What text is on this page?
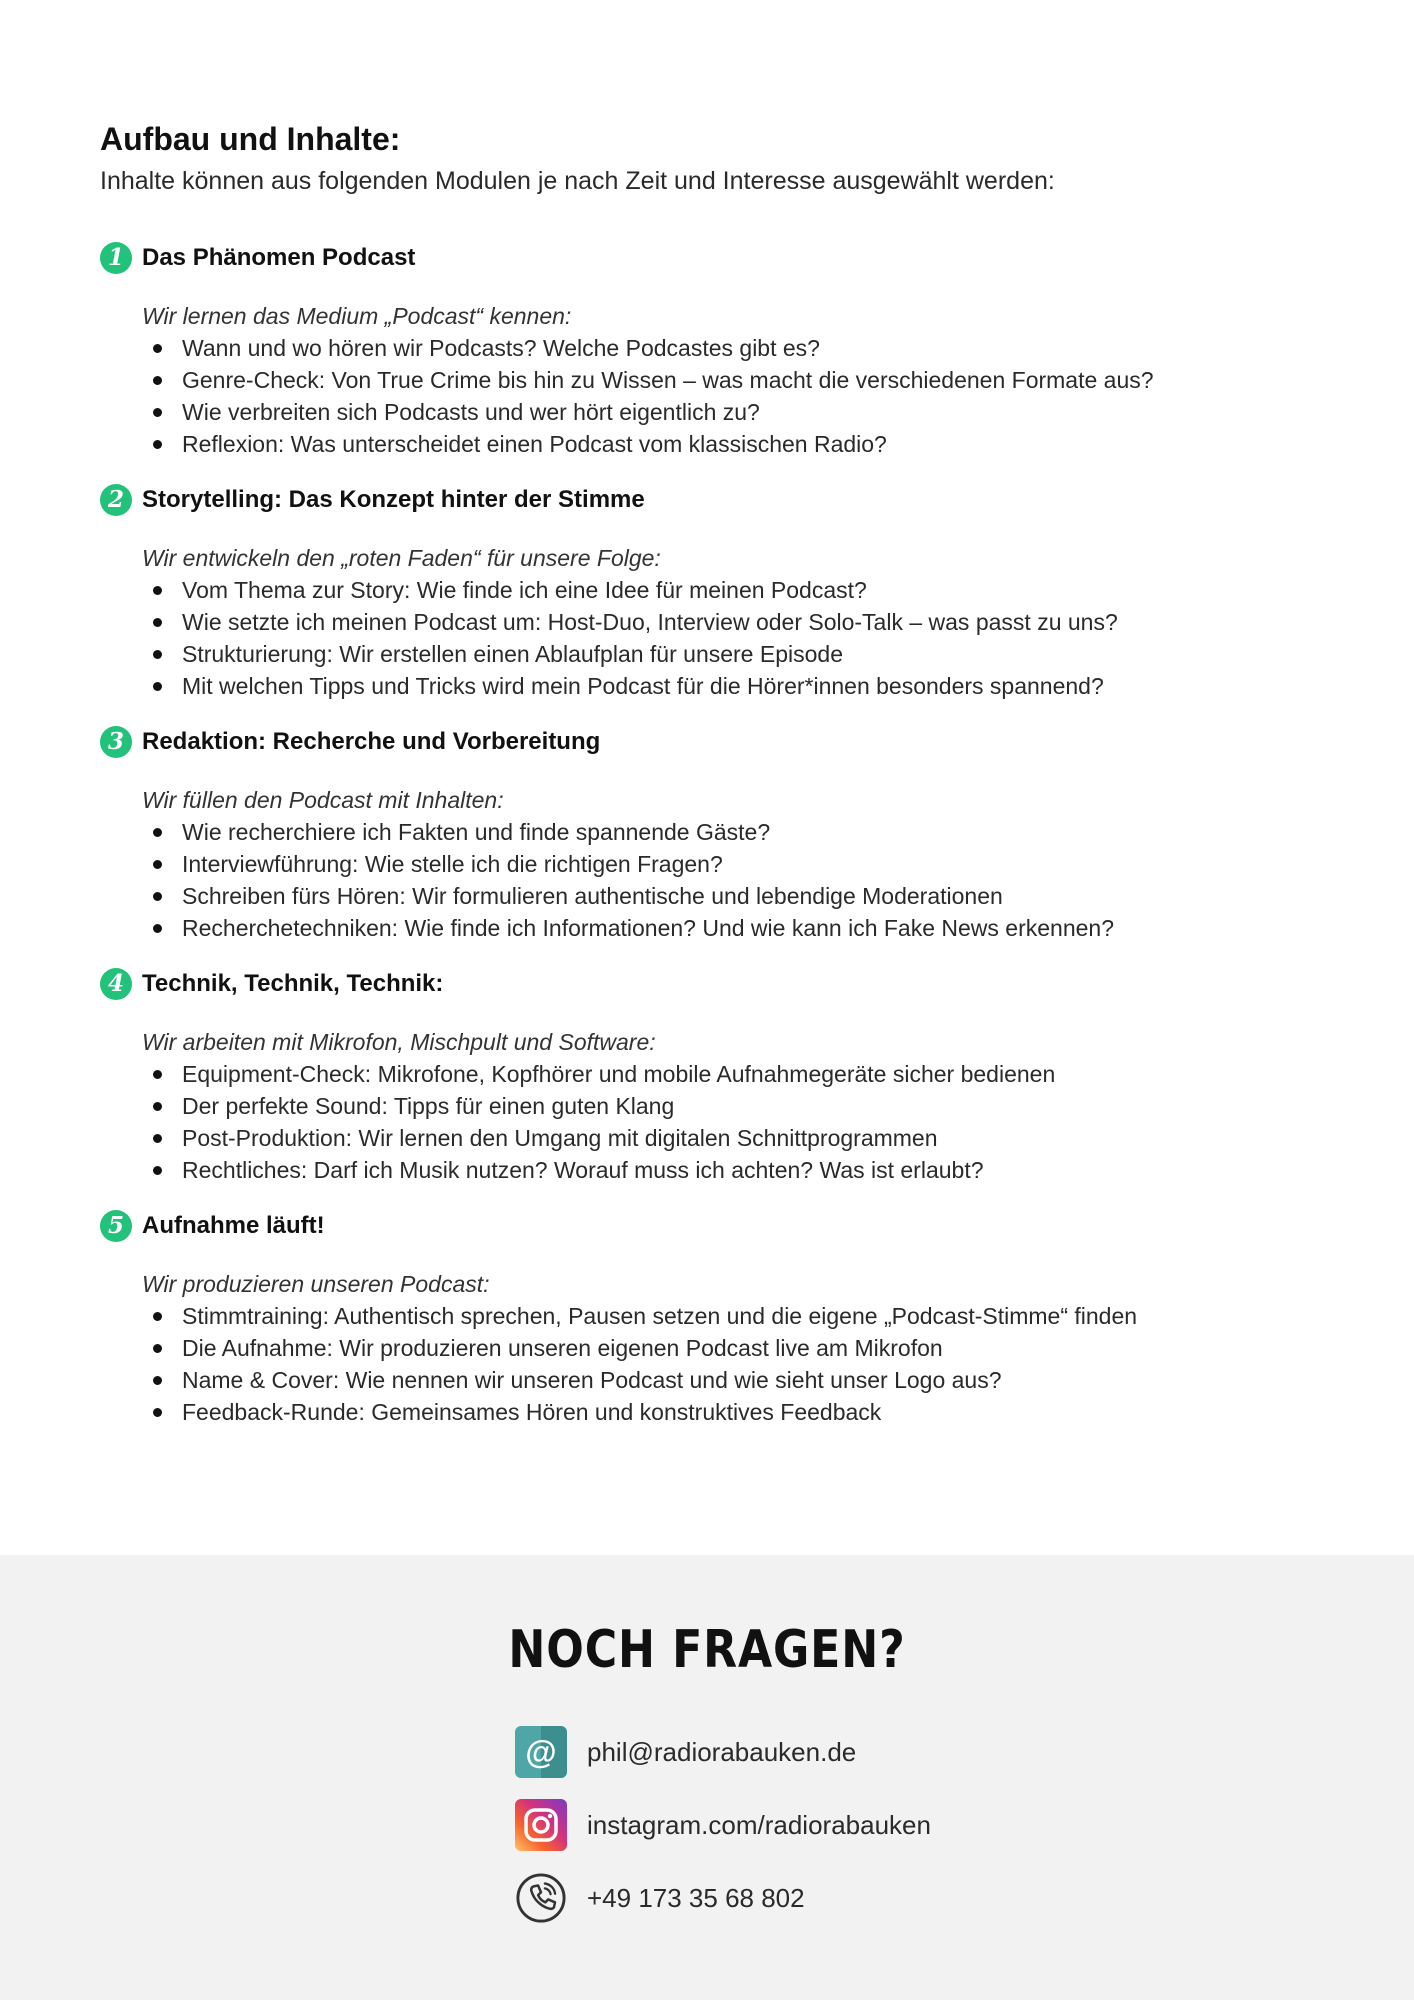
Aufbau und Inhalte:

Inhalte können aus folgenden Modulen je nach Zeit und Interesse ausgewählt werden:

1 Das Phänomen Podcast
Wir lernen das Medium „Podcast“ kennen:
Wann und wo hören wir Podcasts? Welche Podcastes gibt es?
Genre-Check: Von True Crime bis hin zu Wissen – was macht die verschiedenen Formate aus?
Wie verbreiten sich Podcasts und wer hört eigentlich zu?
Reflexion: Was unterscheidet einen Podcast vom klassischen Radio?
2 Storytelling: Das Konzept hinter der Stimme
Wir entwickeln den „roten Faden“ für unsere Folge:
Vom Thema zur Story: Wie finde ich eine Idee für meinen Podcast?
Wie setzte ich meinen Podcast um: Host-Duo, Interview oder Solo-Talk – was passt zu uns?
Strukturierung: Wir erstellen einen Ablaufplan für unsere Episode
Mit welchen Tipps und Tricks wird mein Podcast für die Hörer*innen besonders spannend?
3 Redaktion: Recherche und Vorbereitung
Wir füllen den Podcast mit Inhalten:
Wie recherchiere ich Fakten und finde spannende Gäste?
Interviewführung: Wie stelle ich die richtigen Fragen?
Schreiben fürs Hören: Wir formulieren authentische und lebendige Moderationen
Recherchetechniken: Wie finde ich Informationen? Und wie kann ich Fake News erkennen?
4 Technik, Technik, Technik:
Wir arbeiten mit Mikrofon, Mischpult und Software:
Equipment-Check: Mikrofone, Kopfhörer und mobile Aufnahmegeräte sicher bedienen
Der perfekte Sound: Tipps für einen guten Klang
Post-Produktion: Wir lernen den Umgang mit digitalen Schnittprogrammen
Rechtliches: Darf ich Musik nutzen? Worauf muss ich achten? Was ist erlaubt?
5 Aufnahme läuft!
Wir produzieren unseren Podcast:
Stimmtraining: Authentisch sprechen, Pausen setzen und die eigene „Podcast-Stimme“ finden
Die Aufnahme: Wir produzieren unseren eigenen Podcast live am Mikrofon
Name & Cover: Wie nennen wir unseren Podcast und wie sieht unser Logo aus?
Feedback-Runde: Gemeinsames Hören und konstruktives Feedback
NOCH FRAGEN?
@	phil@radiorabauken.de
instagram.com/radiorabauken
+49 173 35 68 802
